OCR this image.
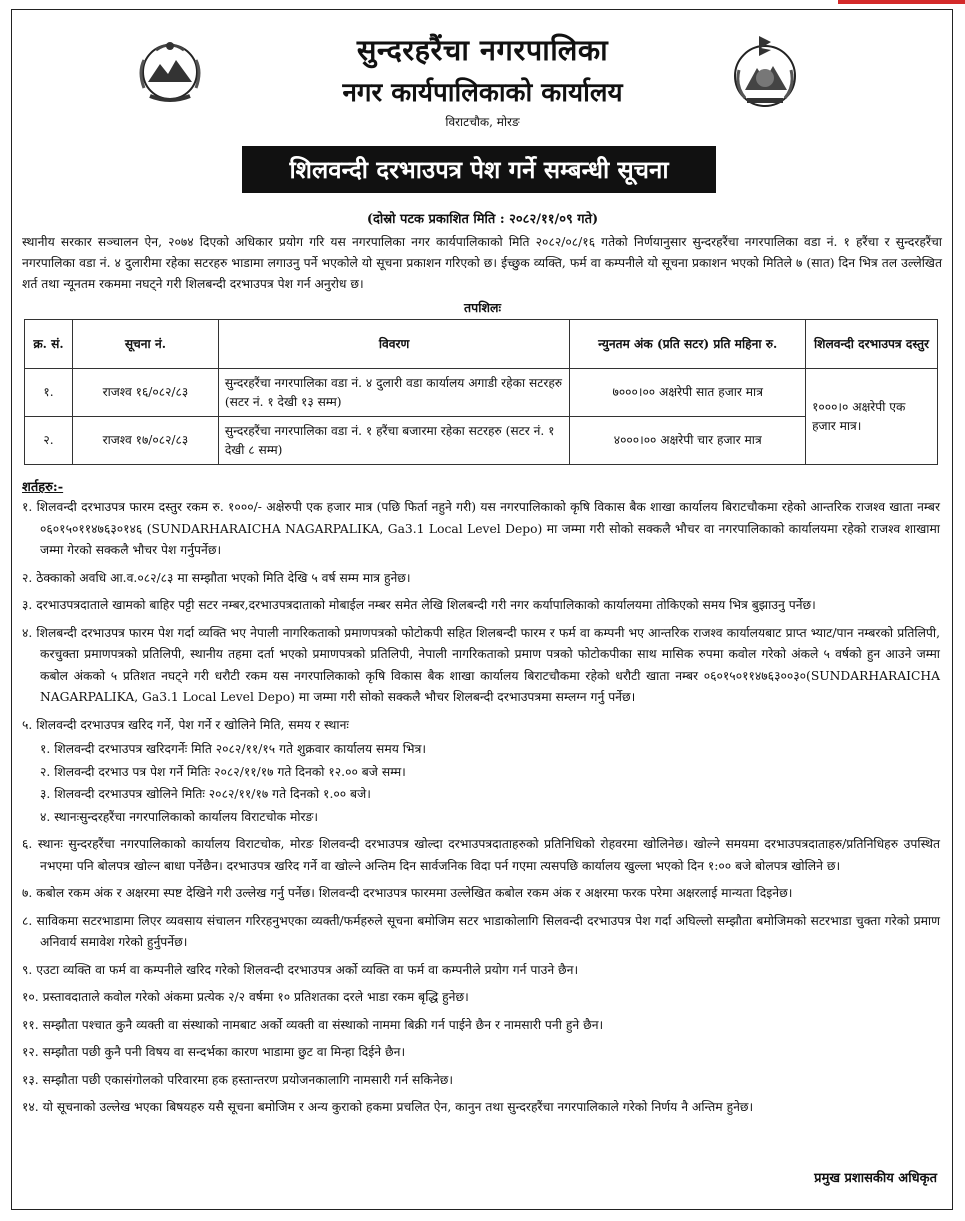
सुन्दरहरैंचा नगरपालिका
नगर कार्यपालिकाको कार्यालय
विराटचौक, मोरङ
शिलवन्दी दरभाउपत्र पेश गर्ने सम्बन्धी सूचना
(दोस्रो पटक प्रकाशित मिति : २०८२/११/०९ गते)
स्थानीय सरकार सञ्चालन ऐन, २०७४ दिएको अधिकार प्रयोग गरि यस नगरपालिका नगर कार्यपालिकाको मिति २०८२/०८/१६ गतेको निर्णयानुसार सुन्दरहरैंचा नगरपालिका वडा नं. १ हरैंचा र सुन्दरहरैंचा नगरपालिका वडा नं. ४ दुलारीमा रहेका सटरहरु भाडामा लगाउनु पर्ने भएकोले यो सूचना प्रकाशन गरिएको छ। ईच्छुक व्यक्ति, फर्म वा कम्पनीले यो सूचना प्रकाशन भएको मितिले ७ (सात) दिन भित्र तल उल्लेखित शर्त तथा न्यूनतम रकममा नघट्ने गरी शिलबन्दी दरभाउपत्र पेश गर्न अनुरोध छ।
तपशिलः
क्र. सं.	सूचना नं.	विवरण	न्युनतम अंक (प्रति सटर) प्रति महिना रु.	शिलवन्दी दरभाउपत्र दस्तुर
१.	राजश्व १६/०८२/८३	सुन्दरहरैंचा नगरपालिका वडा नं. ४ दुलारी वडा कार्यालय अगाडी रहेका सटरहरु (सटर नं. १ देखी १३ सम्म)	७०००।०० अक्षरेपी सात हजार मात्र	१०००।० अक्षरेपी एक हजार मात्र।
२.	राजश्व १७/०८२/८३	सुन्दरहरैंचा नगरपालिका वडा नं. १ हरैंचा बजारमा रहेका सटरहरु (सटर नं. १ देखी ८ सम्म)	४०००।०० अक्षरेपी चार हजार मात्र	
शर्तहरु:-

१. शिलवन्दी दरभाउपत्र फारम दस्तुर रकम रु. १०००/- अक्षेरुपी एक हजार मात्र (पछि फिर्ता नहुने गरी) यस नगरपालिकाको कृषि विकास बैक शाखा कार्यालय बिराटचौकमा रहेको आन्तरिक राजश्व खाता नम्बर ०६०१५०११४७६३०१४६ (SUNDARHARAICHA NAGARPALIKA, Ga3.1 Local Level Depo) मा जम्मा गरी सोको सक्कलै भौचर वा नगरपालिकाको कार्यालयमा रहेको राजश्व शाखामा जम्मा गेरको सक्कलै भौचर पेश गर्नुपर्नेछ।

२. ठेक्काको अवधि आ.व.०८२/८३ मा सम्झौता भएको मिति देखि ५ वर्ष सम्म मात्र हुनेछ।

३. दरभाउपत्रदाताले खामको बाहिर पट्टी सटर नम्बर,दरभाउपत्रदाताको मोबाईल नम्बर समेत लेखि शिलबन्दी गरी नगर कर्यापालिकाको कार्यालयमा तोकिएको समय भित्र बुझाउनु पर्नेछ।

४. शिलबन्दी दरभाउपत्र फारम पेश गर्दा व्यक्ति भए नेपाली नागरिकताको प्रमाणपत्रको फोटोकपी सहित शिलबन्दी फारम र फर्म वा कम्पनी भए आन्तरिक राजश्व कार्यालयबाट प्राप्त भ्याट/पान नम्बरको प्रतिलिपी, करचुक्ता प्रमाणपत्रको प्रतिलिपी, स्थानीय तहमा दर्ता भएको प्रमाणपत्रको प्रतिलिपी, नेपाली नागरिकताको प्रमाण पत्रको फोटोकपीका साथ मासिक रुपमा कवोल गरेको अंकले ५ वर्षको हुन आउने जम्मा कबोल अंकको ५ प्रतिशत नघट्ने गरी धरौटी रकम यस नगरपालिकाको कृषि विकास बैक शाखा कार्यालय बिराटचौकमा रहेको धरौटी खाता नम्बर ०६०१५०११४७६३००३०(SUNDARHARAICHA NAGARPALIKA, Ga3.1 Local Level Depo) मा जम्मा गरी सोको सक्कलै भौचर शिलबन्दी दरभाउपत्रमा सम्लग्न गर्नु पर्नेछ।

५. शिलवन्दी दरभाउपत्र खरिद गर्ने, पेश गर्ने र खोलिने मिति, समय र स्थानः

१. शिलवन्दी दरभाउपत्र खरिदगर्नेः मिति २०८२/११/१५ गते शुक्रवार कार्यालय समय भित्र।
२. शिलवन्दी दरभाउ पत्र पेश गर्ने मितिः २०८२/११/१७ गते दिनको १२.०० बजे सम्म।
३. शिलवन्दी दरभाउपत्र खोलिने मितिः २०८२/११/१७ गते दिनको १.०० बजे।
४. स्थानःसुन्दरहरैंचा नगरपालिकाको कार्यालय विराटचोक मोरङ।

६. स्थानः सुन्दरहरैंचा नगरपालिकाको कार्यालय विराटचोक, मोरङ शिलवन्दी दरभाउपत्र खोल्दा दरभाउपत्रदाताहरुको प्रतिनिधिको रोहवरमा खोलिनेछ। खोल्ने समयमा दरभाउपत्रदाताहरु/प्रतिनिधिहरु उपस्थित नभएमा पनि बोलपत्र खोल्न बाधा पर्नेछैन। दरभाउपत्र खरिद गर्ने वा खोल्ने अन्तिम दिन सार्वजनिक विदा पर्न गएमा त्यसपछि कार्यालय खुल्ला भएको दिन १:०० बजे बोलपत्र खोलिने छ।

७. कबोल रकम अंक र अक्षरमा स्पष्ट देखिने गरी उल्लेख गर्नु पर्नेछ। शिलवन्दी दरभाउपत्र फारममा उल्लेखित कबोल रकम अंक र अक्षरमा फरक परेमा अक्षरलाई मान्यता दिइनेछ।

८. साविकमा सटरभाडामा लिएर व्यवसाय संचालन गरिरहनुभएका व्यक्ती/फर्महरुले सूचना बमोजिम सटर भाडाकोलागि सिलवन्दी दरभाउपत्र पेश गर्दा अघिल्लो सम्झौता बमोजिमको सटरभाडा चुक्ता गरेको प्रमाण अनिवार्य समावेश गरेको हुर्नुपर्नेछ।

९. एउटा व्यक्ति वा फर्म वा कम्पनीले खरिद गरेको शिलवन्दी दरभाउपत्र अर्को व्यक्ति वा फर्म वा कम्पनीले प्रयोग गर्न पाउने छैन।

१०. प्रस्तावदाताले कवोल गरेको अंकमा प्रत्येक २/२ वर्षमा १० प्रतिशतका दरले भाडा रकम बृद्धि हुनेछ।

११. सम्झौता पश्चात कुनै व्यक्ती वा संस्थाको नामबाट अर्को व्यक्ती वा संस्थाको नाममा बिक्री गर्न पाईने छैन र नामसारी पनी हुने छैन।

१२. सम्झौता पछी कुनै पनी विषय वा सन्दर्भका कारण भाडामा छुट वा मिन्हा दिईने छैन।

१३. सम्झौता पछी एकासंगोलको परिवारमा हक हस्तान्तरण प्रयोजनकालागि नामसारी गर्न सकिनेछ।

१४. यो सूचनाको उल्लेख भएका बिषयहरु यसै सूचना बमोजिम र अन्य कुराको हकमा प्रचलित ऐन, कानुन तथा सुन्दरहरैंचा नगरपालिकाले गरेको निर्णय नै अन्तिम हुनेछ।

प्रमुख प्रशासकीय अधिकृत
